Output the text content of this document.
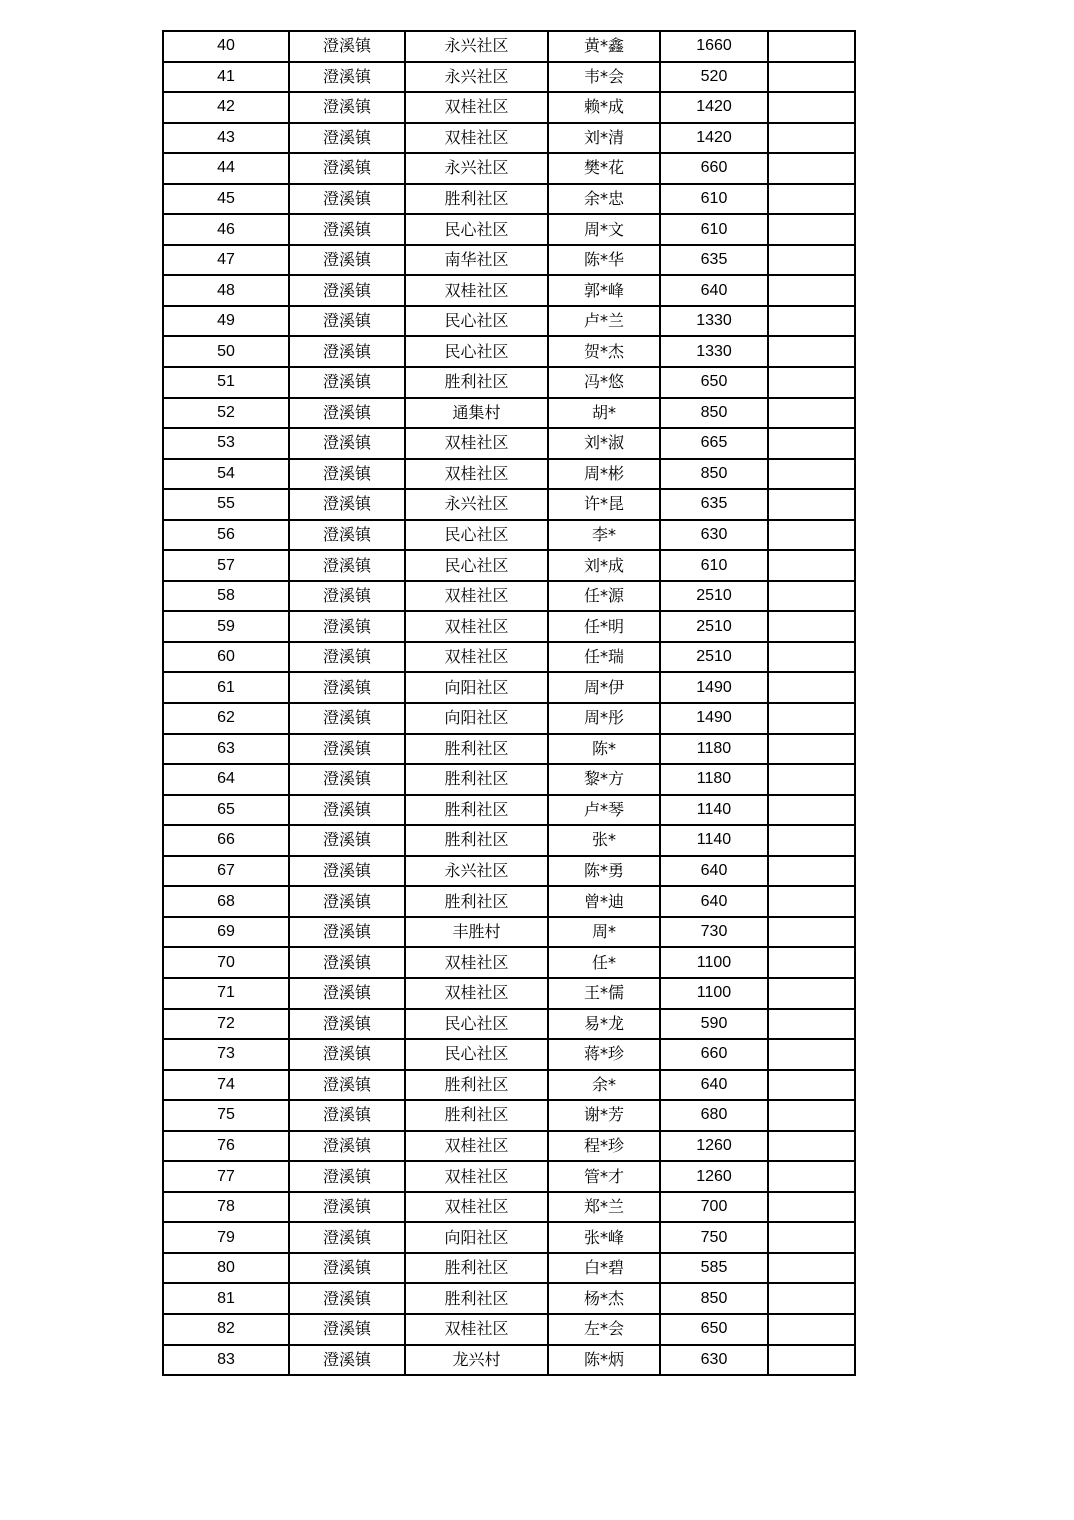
40	澄溪镇	永兴社区	黄*鑫	1660	
41	澄溪镇	永兴社区	韦*会	520	
42	澄溪镇	双桂社区	赖*成	1420	
43	澄溪镇	双桂社区	刘*清	1420	
44	澄溪镇	永兴社区	樊*花	660	
45	澄溪镇	胜利社区	余*忠	610	
46	澄溪镇	民心社区	周*文	610	
47	澄溪镇	南华社区	陈*华	635	
48	澄溪镇	双桂社区	郭*峰	640	
49	澄溪镇	民心社区	卢*兰	1330	
50	澄溪镇	民心社区	贺*杰	1330	
51	澄溪镇	胜利社区	冯*悠	650	
52	澄溪镇	通集村	胡*	850	
53	澄溪镇	双桂社区	刘*淑	665	
54	澄溪镇	双桂社区	周*彬	850	
55	澄溪镇	永兴社区	许*昆	635	
56	澄溪镇	民心社区	李*	630	
57	澄溪镇	民心社区	刘*成	610	
58	澄溪镇	双桂社区	任*源	2510	
59	澄溪镇	双桂社区	任*明	2510	
60	澄溪镇	双桂社区	任*瑞	2510	
61	澄溪镇	向阳社区	周*伊	1490	
62	澄溪镇	向阳社区	周*彤	1490	
63	澄溪镇	胜利社区	陈*	1180	
64	澄溪镇	胜利社区	黎*方	1180	
65	澄溪镇	胜利社区	卢*琴	1140	
66	澄溪镇	胜利社区	张*	1140	
67	澄溪镇	永兴社区	陈*勇	640	
68	澄溪镇	胜利社区	曾*迪	640	
69	澄溪镇	丰胜村	周*	730	
70	澄溪镇	双桂社区	任*	1100	
71	澄溪镇	双桂社区	王*儒	1100	
72	澄溪镇	民心社区	易*龙	590	
73	澄溪镇	民心社区	蒋*珍	660	
74	澄溪镇	胜利社区	余*	640	
75	澄溪镇	胜利社区	谢*芳	680	
76	澄溪镇	双桂社区	程*珍	1260	
77	澄溪镇	双桂社区	管*才	1260	
78	澄溪镇	双桂社区	郑*兰	700	
79	澄溪镇	向阳社区	张*峰	750	
80	澄溪镇	胜利社区	白*碧	585	
81	澄溪镇	胜利社区	杨*杰	850	
82	澄溪镇	双桂社区	左*会	650	
83	澄溪镇	龙兴村	陈*炳	630	
